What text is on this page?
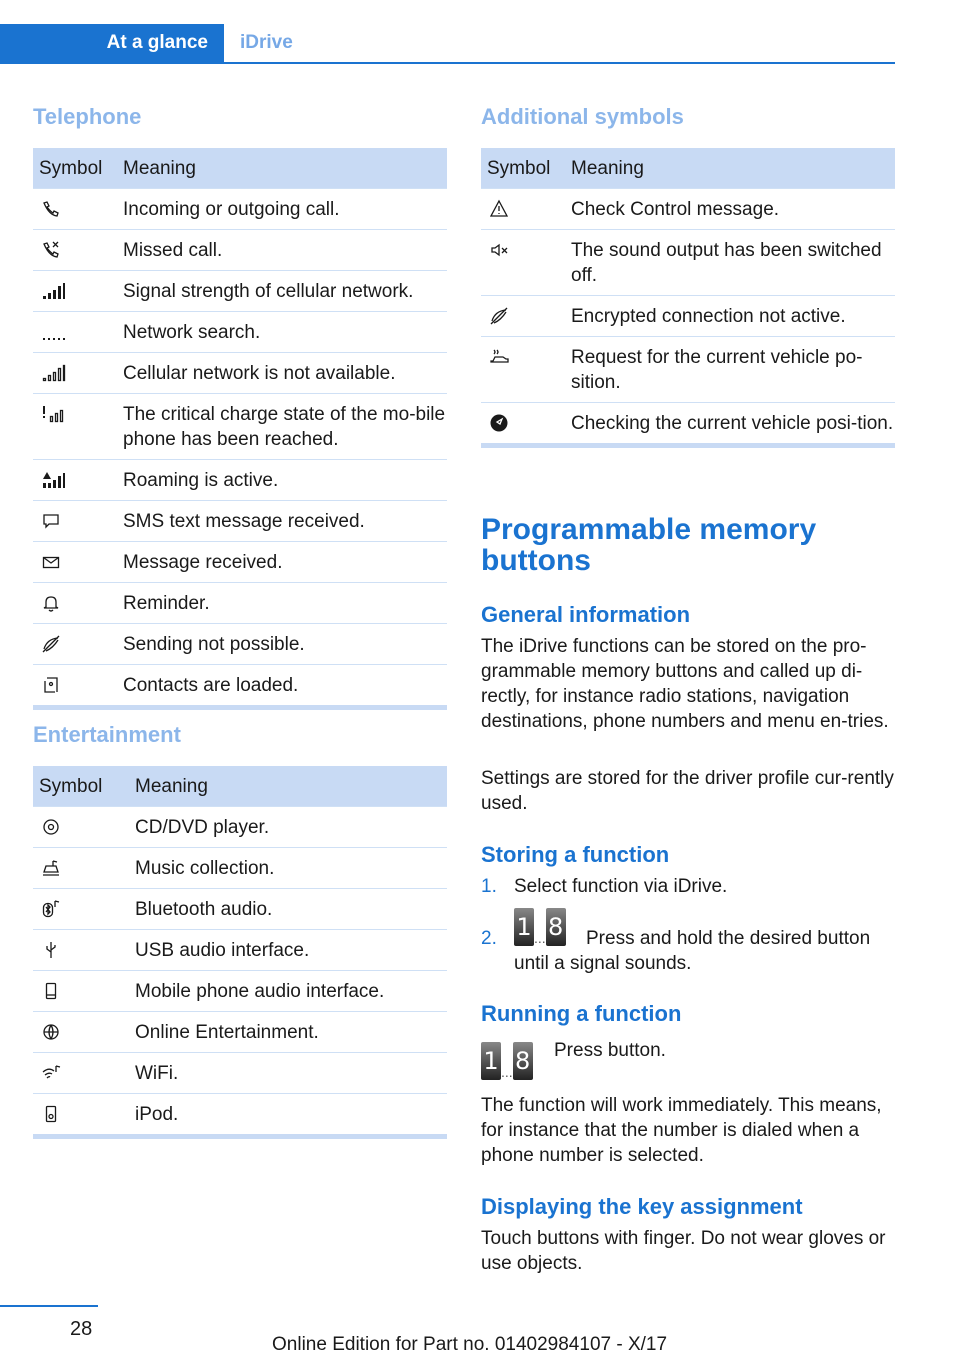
At a glance	iDrive
Telephone
Symbol	Meaning
	Incoming or outgoing call.
	Missed call.
	Signal strength of cellular network.
	Network search.
	Cellular network is not available.
	The critical charge state of the mo-bile phone has been reached.
	Roaming is active.
	SMS text message received.
	Message received.
	Reminder.
	Sending not possible.
	Contacts are loaded.
Entertainment
Symbol	Meaning
	CD/DVD player.
	Music collection.
	Bluetooth audio.
	USB audio interface.
	Mobile phone audio interface.
	Online Entertainment.
	WiFi.
	iPod.
Additional symbols
Symbol	Meaning
	Check Control message.
	The sound output has been switched off.
	Encrypted connection not active.
	Request for the current vehicle po-sition.
	Checking the current vehicle posi-tion.
Programmable memory buttons
General information

The iDrive functions can be stored on the pro-grammable memory buttons and called up di-rectly, for instance radio stations, navigation destinations, phone numbers and menu en-tries.

Settings are stored for the driver profile cur-rently used.

Storing a function
1. Select function via iDrive.

2. 1 ...8	Press and hold the desired button until a signal sounds.

Running a function
1 ...8 Press button.

The function will work immediately. This means, for instance that the number is dialed when a phone number is selected.

Displaying the key assignment

Touch buttons with finger. Do not wear gloves or use objects.

28
Online Edition for Part no. 01402984107 - X/17
